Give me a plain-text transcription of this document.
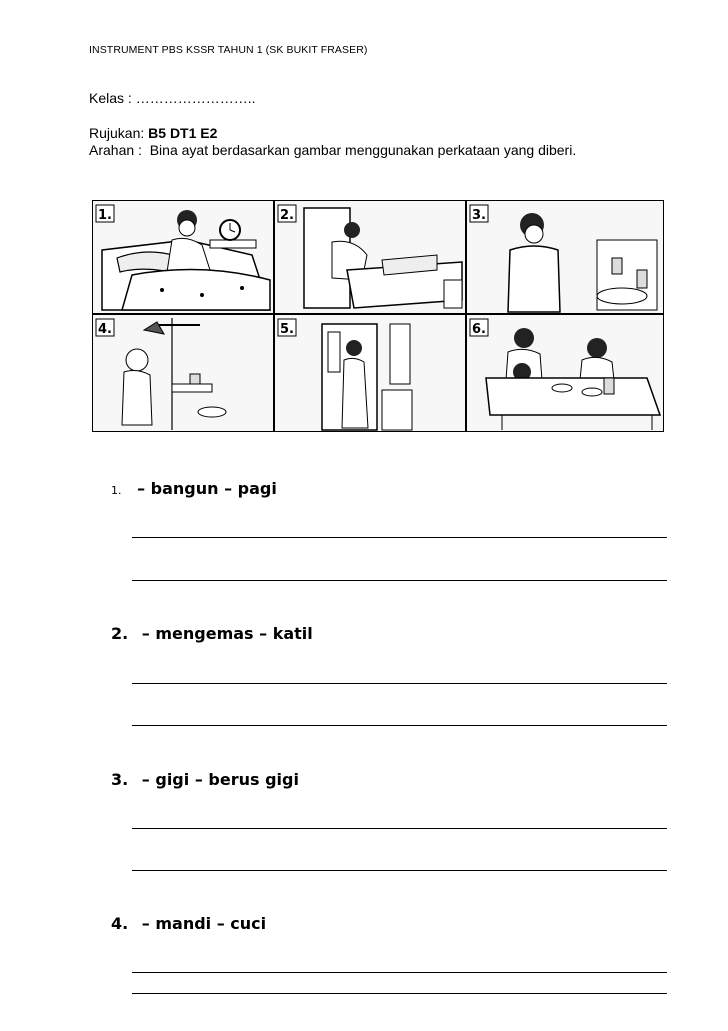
INSTRUMENT PBS KSSR TAHUN 1 (SK BUKIT FRASER)
Kelas : ……………………..
Rujukan: B5 DT1 E2
Arahan : Bina ayat berdasarkan gambar menggunakan perkataan yang diberi.
1.	2.	3.
4.	5.	6.
1. – bangun – pagi
2. – mengemas – katil
3. – gigi – berus gigi
4. – mandi – cuci
